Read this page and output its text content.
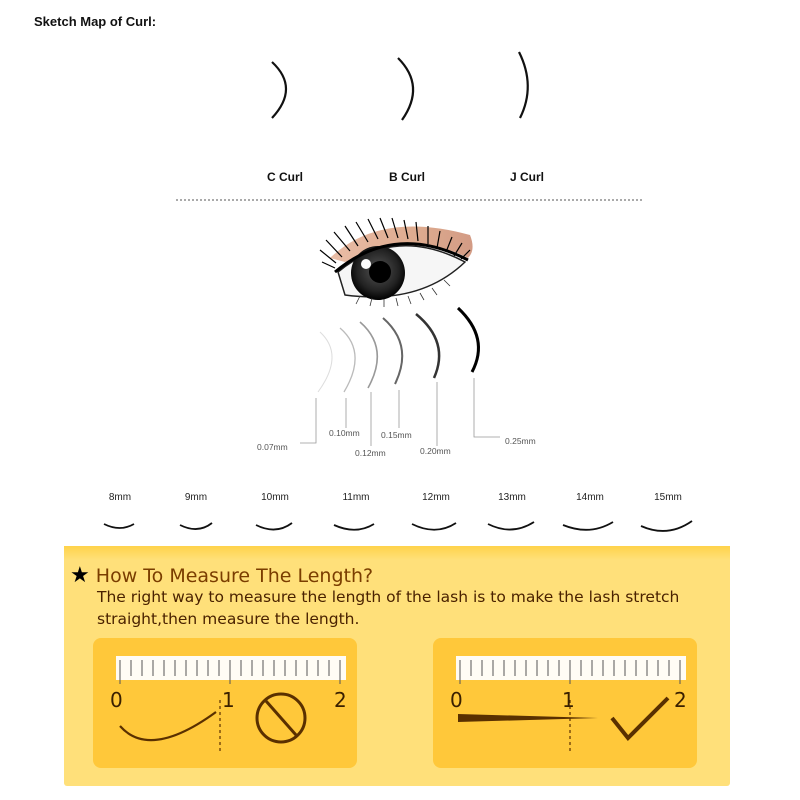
Sketch Map of Curl:
C Curl	B Curl	J Curl
0.07mm
0.10mm
0.12mm
0.15mm
0.20mm
0.25mm
8mm	9mm	10mm	11mm	12mm	13mm	14mm	15mm
★ How To Measure The Length?
The right way to measure the length of the lash is to make the lash stretch straight,then measure the length.
0	1	2	0	1	2
